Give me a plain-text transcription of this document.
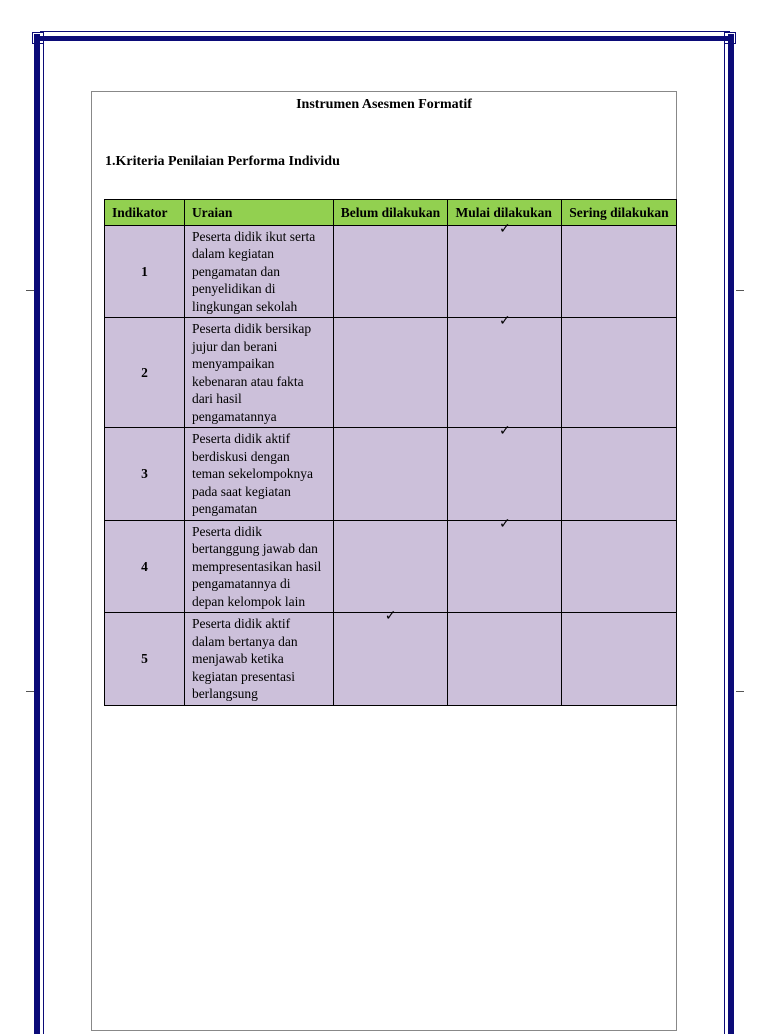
Instrumen Asesmen Formatif
1.Kriteria Penilaian Performa Individu
Indikator	Uraian	Belum dilakukan	Mulai dilakukan	Sering dilakukan
1	Peserta didik ikut serta dalam kegiatan pengamatan dan penyelidikan di lingkungan sekolah		✓	

2	Peserta didik bersikap jujur dan berani menyampaikan kebenaran atau fakta dari hasil pengamatannya		✓	

3	Peserta didik aktif berdiskusi dengan teman sekelompoknya pada saat kegiatan pengamatan		✓	

4	Peserta didik bertanggung jawab dan mempresentasikan hasil pengamatannya di depan kelompok lain		✓	

5	Peserta didik aktif dalam bertanya dan menjawab ketika kegiatan presentasi berlangsung	✓		
